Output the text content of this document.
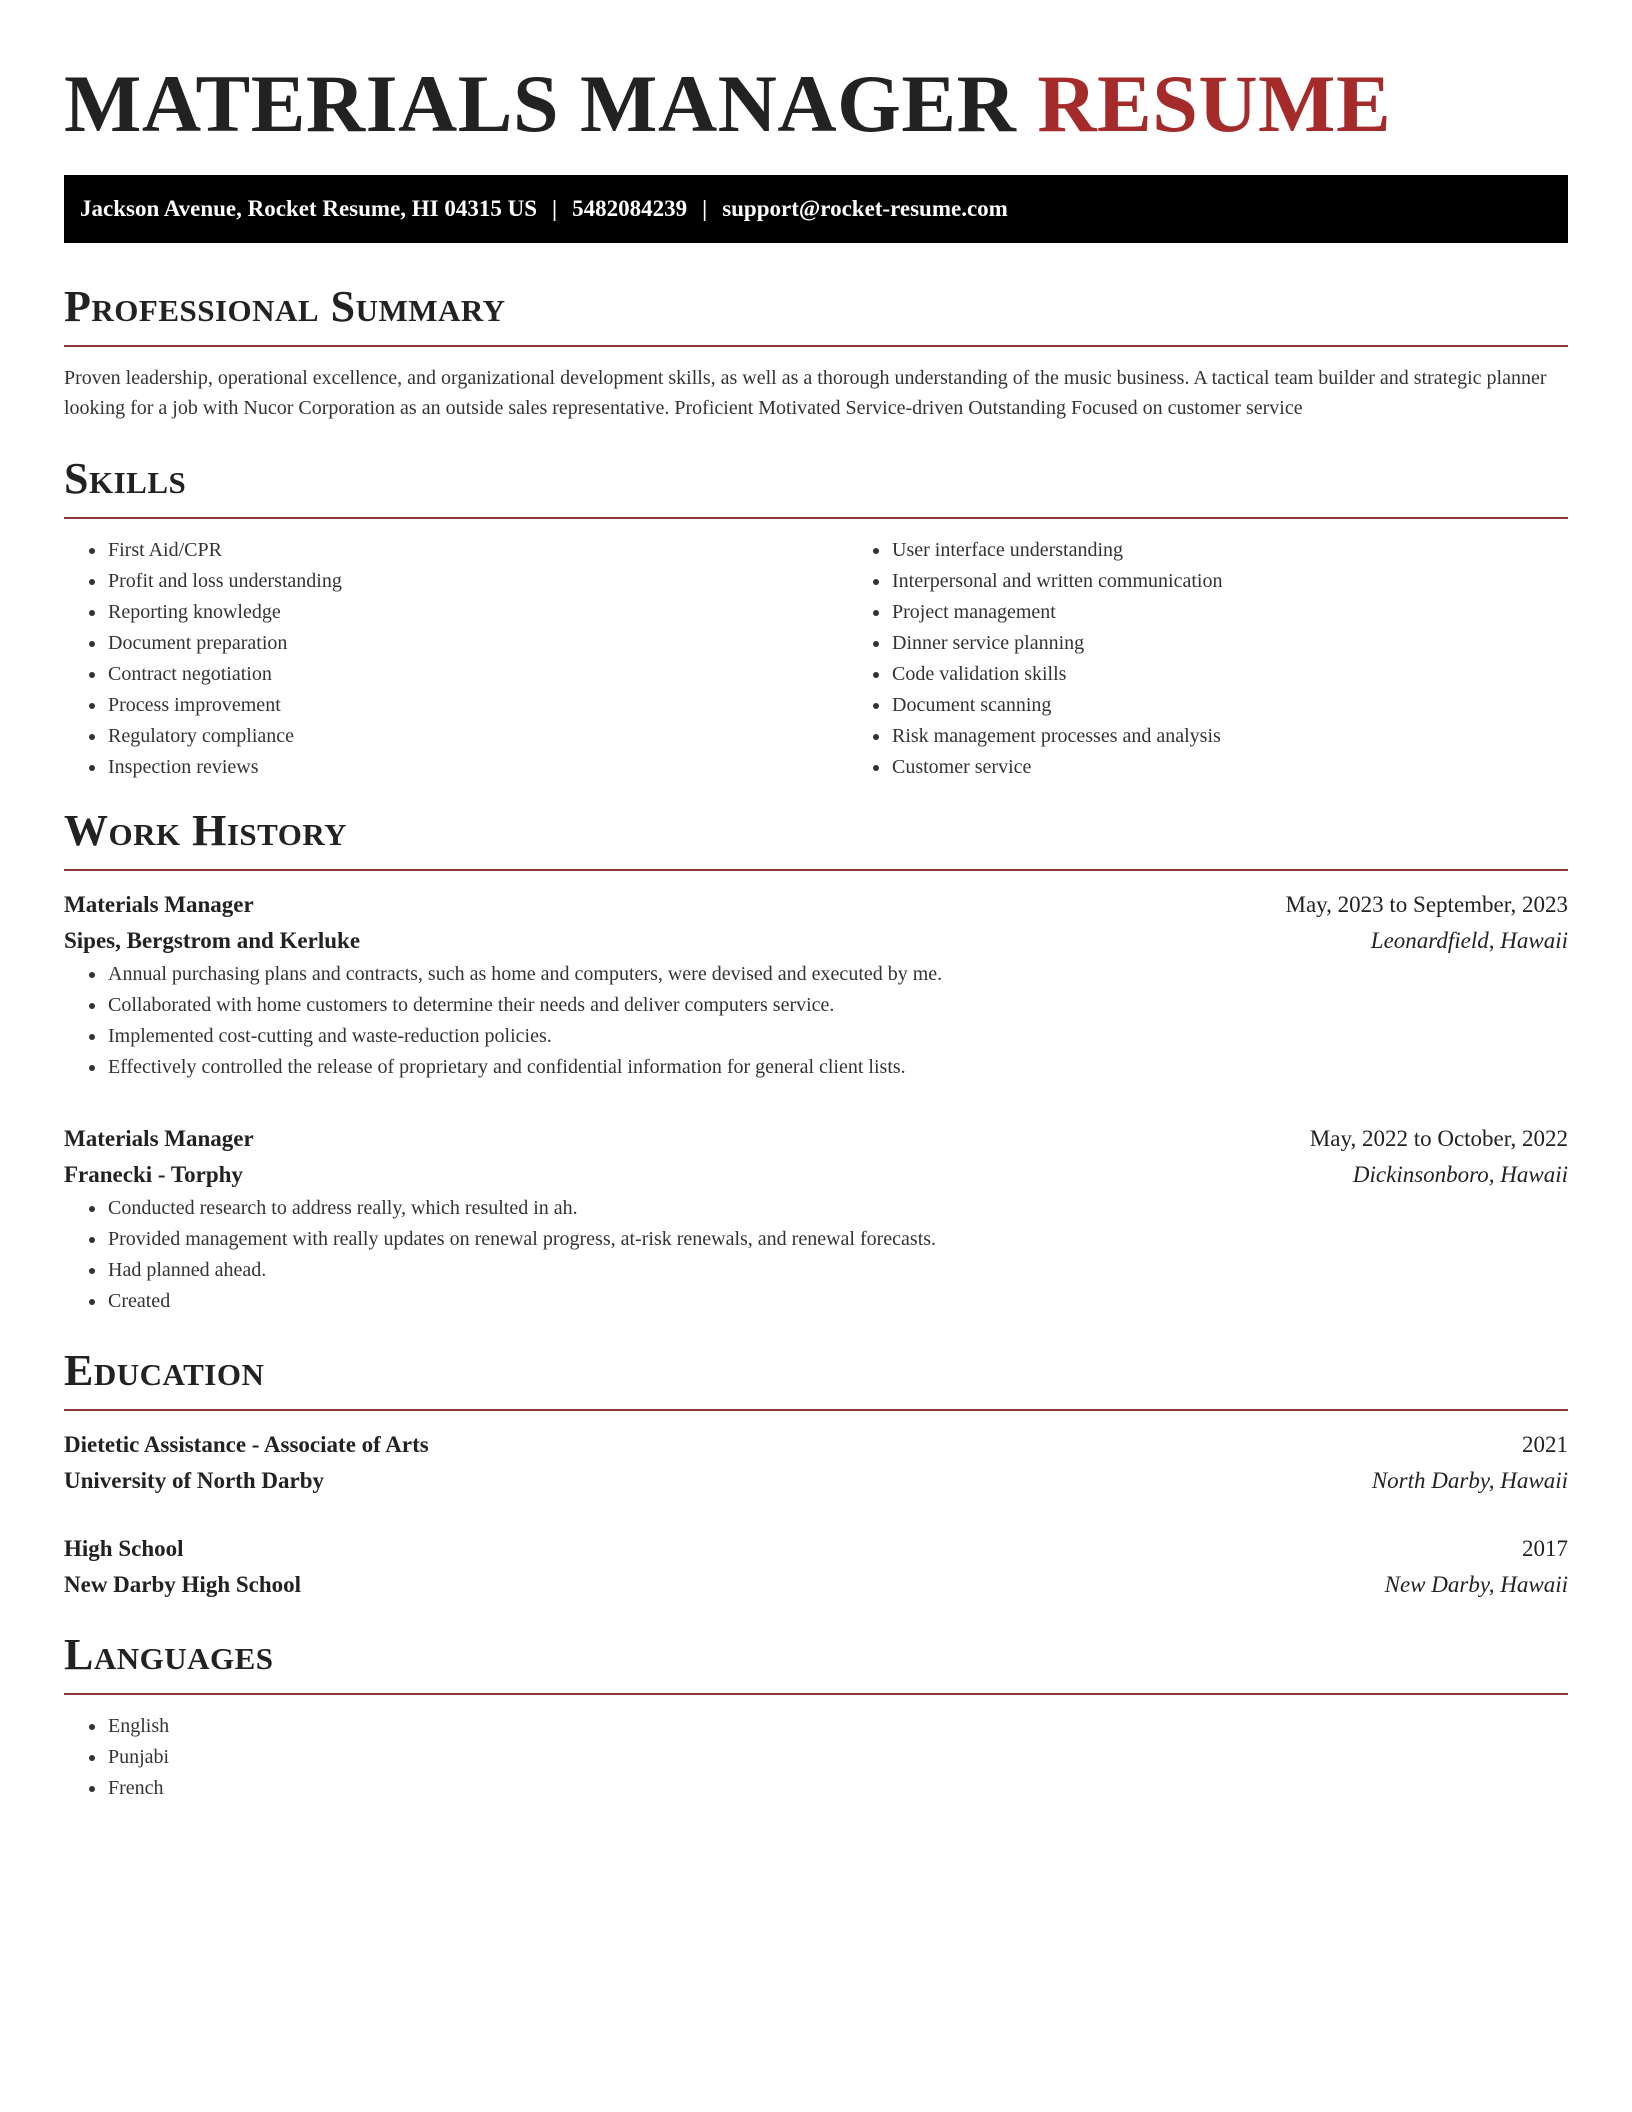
MATERIALS MANAGER RESUME
Jackson Avenue, Rocket Resume, HI 04315 US | 5482084239 | support@rocket-resume.com
Professional Summary

Proven leadership, operational excellence, and organizational development skills, as well as a thorough understanding of the music business. A tactical team builder and strategic planner looking for a job with Nucor Corporation as an outside sales representative. Proficient Motivated Service-driven Outstanding Focused on customer service

Skills
• First Aid/CPR
• Profit and loss understanding
• Reporting knowledge
• Document preparation
• Contract negotiation
• Process improvement
• Regulatory compliance
• Inspection reviews
• User interface understanding
• Interpersonal and written communication
• Project management
• Dinner service planning
• Code validation skills
• Document scanning
• Risk management processes and analysis
• Customer service
Work History
Materials Manager	May, 2023 to September, 2023
Sipes, Bergstrom and Kerluke	Leonardfield, Hawaii
• Annual purchasing plans and contracts, such as home and computers, were devised and executed by me.
• Collaborated with home customers to determine their needs and deliver computers service.
• Implemented cost-cutting and waste-reduction policies.
• Effectively controlled the release of proprietary and confidential information for general client lists.
Materials Manager	May, 2022 to October, 2022
Franecki - Torphy	Dickinsonboro, Hawaii
• Conducted research to address really, which resulted in ah.
• Provided management with really updates on renewal progress, at-risk renewals, and renewal forecasts.
• Had planned ahead.
• Created
Education
Dietetic Assistance - Associate of Arts	2021
University of North Darby	North Darby, Hawaii
High School	2017
New Darby High School	New Darby, Hawaii
Languages
• English
• Punjabi
• French
